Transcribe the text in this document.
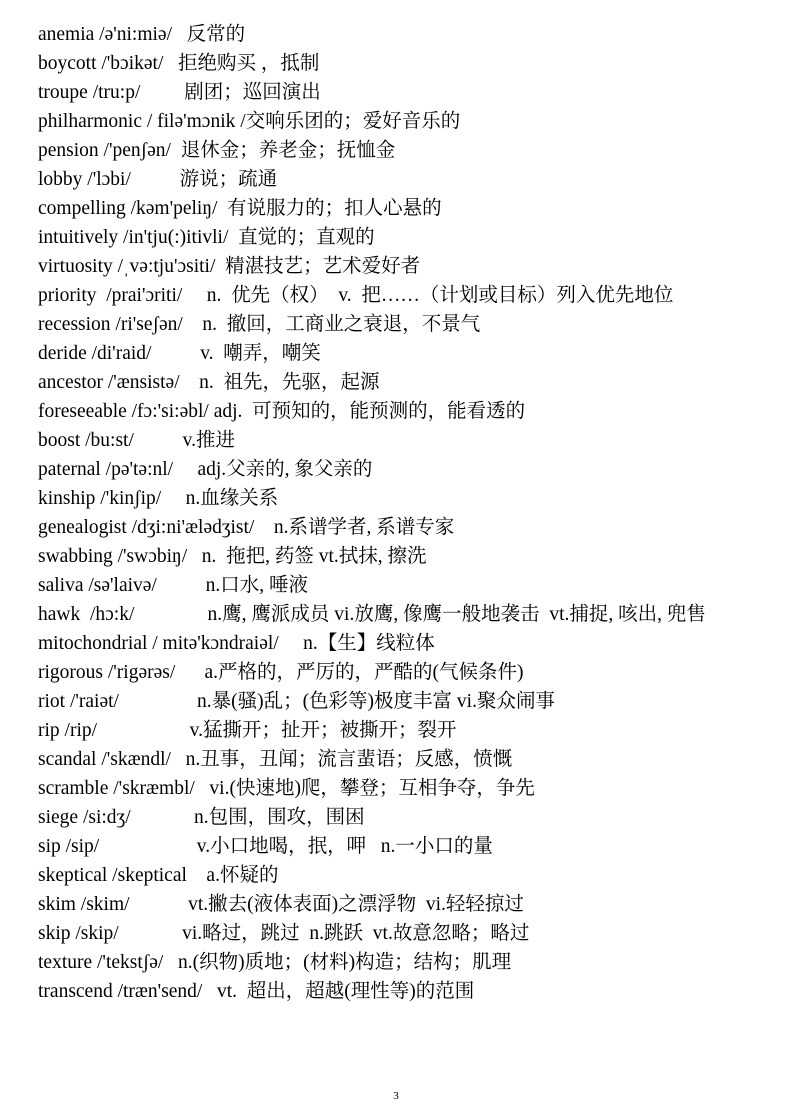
anemia /ə'ni:miə/   反常的
boycott /'bɔikət/   拒绝购买 ，抵制
troupe /tru:p/         剧团；巡回演出
philharmonic / filə'mɔnik /交响乐团的；爱好音乐的
pension /'penʃən/  退休金；养老金；抚恤金
lobby /'lɔbi/          游说；疏通
compelling /kəm'peliŋ/  有说服力的；扣人心悬的
intuitively /in'tju(:)itivli/  直觉的；直观的
virtuosity /ˌvə:tju'ɔsiti/  精湛技艺；艺术爱好者
priority  /prai'ɔriti/     n.  优先（权）  v.  把……（计划或目标）列入优先地位
recession /ri'seʃən/    n.  撤回，工商业之衰退，不景气
deride /di'raid/          v.  嘲弄，嘲笑
ancestor /'ænsistə/    n.  祖先，先驱，起源
foreseeable /fɔ:'si:əbl/ adj.  可预知的，能预测的，能看透的
boost /bu:st/          v.推进
paternal /pə'tə:nl/     adj.父亲的, 象父亲的
kinship /'kinʃip/     n.血缘关系
genealogist /dʒi:ni'ælədʒist/    n.系谱学者, 系谱专家
swabbing /'swɔbiŋ/   n.  拖把, 药签 vt.拭抹, 擦洗
saliva /sə'laivə/          n.口水, 唾液
hawk  /hɔ:k/               n.鹰, 鹰派成员 vi.放鹰, 像鹰一般地袭击  vt.捕捉, 咳出, 兜售
mitochondrial / mitə'kɔndraiəl/     n.【生】线粒体
rigorous /'rigərəs/      a.严格的，严厉的，严酷的(气候条件)
riot /'raiət/                n.暴(骚)乱；(色彩等)极度丰富 vi.聚众闹事
rip /rip/                   v.猛撕开；扯开；被撕开；裂开
scandal /'skændl/   n.丑事，丑闻；流言蜚语；反感，愤慨
scramble /'skræmbl/   vi.(快速地)爬，攀登；互相争夺，争先
siege /si:dʒ/             n.包围，围攻，围困
sip /sip/                    v.小口地喝，抿，呷   n.一小口的量
skeptical /skeptical    a.怀疑的
skim /skim/            vt.撇去(液体表面)之漂浮物  vi.轻轻掠过
skip /skip/             vi.略过，跳过  n.跳跃  vt.故意忽略；略过
texture /'tekstʃə/   n.(织物)质地；(材料)构造；结构；肌理
transcend /træn'send/   vt.  超出，超越(理性等)的范围
3
